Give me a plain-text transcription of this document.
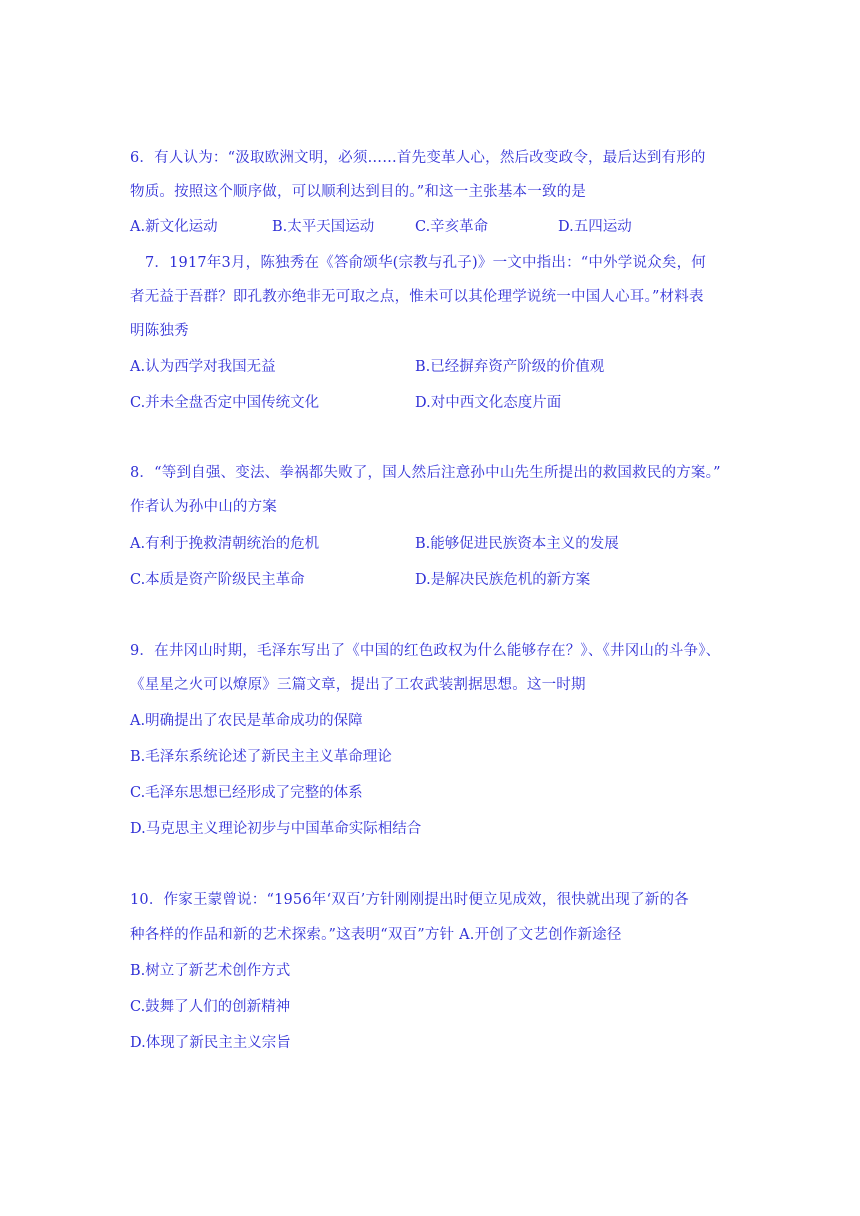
6．有人认为：“汲取欧洲文明，必须……首先变革人心，然后改变政令，最后达到有形的
物质。按照这个顺序做，可以顺利达到目的。”和这一主张基本一致的是
A.新文化运动	B.太平天国运动	C.辛亥革命	D.五四运动
7．1917年3月，陈独秀在《答俞颂华(宗教与孔子)》一文中指出：“中外学说众矣，何
者无益于吾群？即孔教亦绝非无可取之点，惟未可以其伦理学说统一中国人心耳。”材料表
明陈独秀
A.认为西学对我国无益	B.已经摒弃资产阶级的价值观
C.并未全盘否定中国传统文化	D.对中西文化态度片面
8．“等到自强、变法、拳祸都失败了，国人然后注意孙中山先生所提出的救国救民的方案。”
作者认为孙中山的方案
A.有利于挽救清朝统治的危机	B.能够促进民族资本主义的发展
C.本质是资产阶级民主革命	D.是解决民族危机的新方案
9．在井冈山时期，毛泽东写出了《中国的红色政权为什么能够存在？》、《井冈山的斗争》、
《星星之火可以燎原》三篇文章，提出了工农武装割据思想。这一时期
A.明确提出了农民是革命成功的保障
B.毛泽东系统论述了新民主主义革命理论
C.毛泽东思想已经形成了完整的体系
D.马克思主义理论初步与中国革命实际相结合
10．作家王蒙曾说：“1956年‘双百’方针刚刚提出时便立见成效，很快就出现了新的各
种各样的作品和新的艺术探索。”这表明“双百”方针 A.开创了文艺创作新途径
B.树立了新艺术创作方式
C.鼓舞了人们的创新精神
D.体现了新民主主义宗旨
